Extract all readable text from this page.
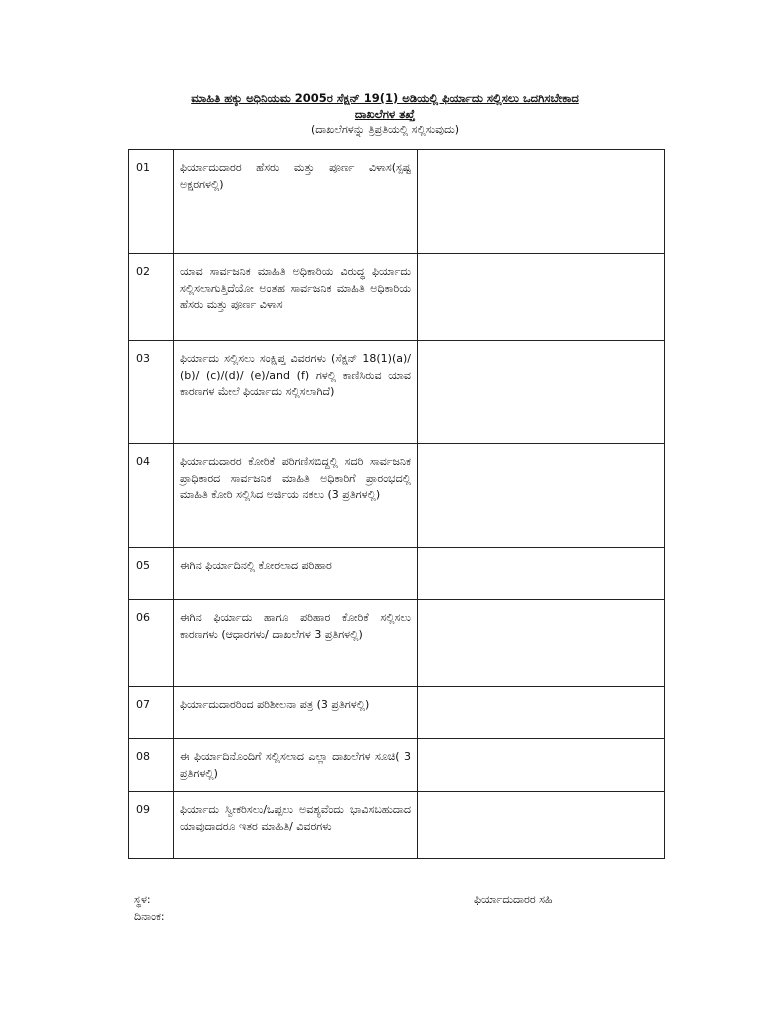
ಮಾಹಿತಿ ಹಕ್ಕು ಅಧಿನಿಯಮ 2005ರ ಸೆಕ್ಷನ್ 19(1) ಅಡಿಯಲ್ಲಿ ಫಿರ್ಯಾದು ಸಲ್ಲಿಸಲು ಒದಗಿಸಬೇಕಾದ
ದಾಖಲೆಗಳ ತಖ್ತೆ
(ದಾಖಲೆಗಳನ್ನು ತ್ರಿಪ್ರತಿಯಲ್ಲಿ ಸಲ್ಲಿಸುವುದು)
01	ಫಿರ್ಯಾದುದಾರರ ಹೆಸರು ಮತ್ತು ಪೂರ್ಣ ವಿಳಾಸ(ಸ್ಪಷ್ಟ ಅಕ್ಷರಗಳಲ್ಲಿ)	
02	ಯಾವ ಸಾರ್ವಜನಿಕ ಮಾಹಿತಿ ಅಧಿಕಾರಿಯ ವಿರುದ್ಧ ಫಿರ್ಯಾದು ಸಲ್ಲಿಸಲಾಗುತ್ತಿದೆಯೋ ಅಂತಹ ಸಾರ್ವಜನಿಕ ಮಾಹಿತಿ ಅಧಿಕಾರಿಯ ಹೆಸರು ಮತ್ತು ಪೂರ್ಣ ವಿಳಾಸ	
03	ಫಿರ್ಯಾದು ಸಲ್ಲಿಸಲು ಸಂಕ್ಷಿಪ್ತ ವಿವರಗಳು (ಸೆಕ್ಷನ್ 18(1)(a)/ (b)/ (c)/(d)/ (e)/and (f) ಗಳಲ್ಲಿ ಕಾಣಿಸಿರುವ ಯಾವ ಕಾರಣಗಳ ಮೇಲೆ ಫಿರ್ಯಾದು ಸಲ್ಲಿಸಲಾಗಿದೆ)	
04	ಫಿರ್ಯಾದುದಾರರ ಕೋರಿಕೆ ಪರಿಗಣಿಸಬಿದ್ದಲ್ಲಿ ಸದರಿ ಸಾರ್ವಜನಿಕ ಪ್ರಾಧಿಕಾರದ ಸಾರ್ವಜನಿಕ ಮಾಹಿತಿ ಅಧಿಕಾರಿಗೆ ಪ್ರಾರಂಭದಲ್ಲಿ ಮಾಹಿತಿ ಕೋರಿ ಸಲ್ಲಿಸಿದ ಅರ್ಜಿಯ ನಕಲು (3 ಪ್ರತಿಗಳಲ್ಲಿ)	
05	ಈಗಿನ ಫಿರ್ಯಾದಿನಲ್ಲಿ ಕೋರಲಾದ ಪರಿಹಾರ	
06	ಈಗಿನ ಫಿರ್ಯಾದು ಹಾಗೂ ಪರಿಹಾರ ಕೋರಿಕೆ ಸಲ್ಲಿಸಲು ಕಾರಣಗಳು (ಆಧಾರಗಳು/ ದಾಖಲೆಗಳ 3 ಪ್ರತಿಗಳಲ್ಲಿ)	
07	ಫಿರ್ಯಾದುದಾರರಿಂದ ಪರಿಶೀಲನಾ ಪತ್ರ (3 ಪ್ರತಿಗಳಲ್ಲಿ)	
08	ಈ ಫಿರ್ಯಾದಿನೊಂದಿಗೆ ಸಲ್ಲಿಸಲಾದ ಎಲ್ಲಾ ದಾಖಲೆಗಳ ಸೂಚಿ( 3 ಪ್ರತಿಗಳಲ್ಲಿ)	
09	ಫಿರ್ಯಾದು ಸ್ವೀಕರಿಸಲು/ಒಪ್ಪಲು ಅವಶ್ಯವೆಂದು ಭಾವಿಸಬಹುದಾದ ಯಾವುದಾದರೂ ಇತರ ಮಾಹಿತಿ/ ವಿವರಗಳು	
ಸ್ಥಳ:
ದಿನಾಂಕ:
ಫಿರ್ಯಾದುದಾರರ ಸಹಿ
